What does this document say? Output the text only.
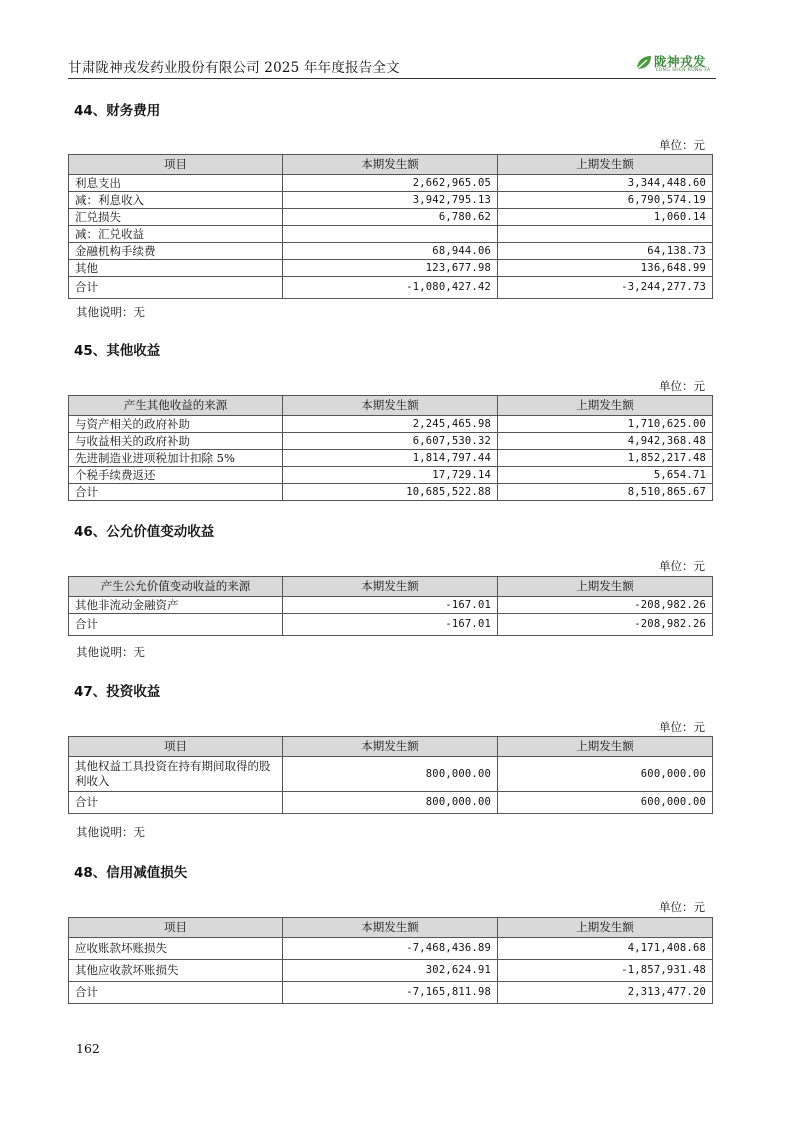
甘肃陇神戎发药业股份有限公司 2025 年年度报告全文	陇神戎发
LONG SHEN RONG FA
44、财务费用
单位：元
项目	本期发生额	上期发生额
利息支出	2,662,965.05	3,344,448.60
减：利息收入	3,942,795.13	6,790,574.19
汇兑损失	6,780.62	1,060.14
减：汇兑收益		
金融机构手续费	68,944.06	64,138.73
其他	123,677.98	136,648.99
合计	-1,080,427.42	-3,244,277.73
其他说明：无
45、其他收益
单位：元
产生其他收益的来源	本期发生额	上期发生额
与资产相关的政府补助	2,245,465.98	1,710,625.00
与收益相关的政府补助	6,607,530.32	4,942,368.48
先进制造业进项税加计扣除 5%	1,814,797.44	1,852,217.48
个税手续费返还	17,729.14	5,654.71
合计	10,685,522.88	8,510,865.67
46、公允价值变动收益
单位：元
产生公允价值变动收益的来源	本期发生额	上期发生额
其他非流动金融资产	-167.01	-208,982.26
合计	-167.01	-208,982.26
其他说明：无
47、投资收益
单位：元
项目	本期发生额	上期发生额
其他权益工具投资在持有期间取得的股利收入	800,000.00	600,000.00
合计	800,000.00	600,000.00
其他说明：无
48、信用减值损失
单位：元
项目	本期发生额	上期发生额
应收账款坏账损失	-7,468,436.89	4,171,408.68
其他应收款坏账损失	302,624.91	-1,857,931.48
合计	-7,165,811.98	2,313,477.20
162
